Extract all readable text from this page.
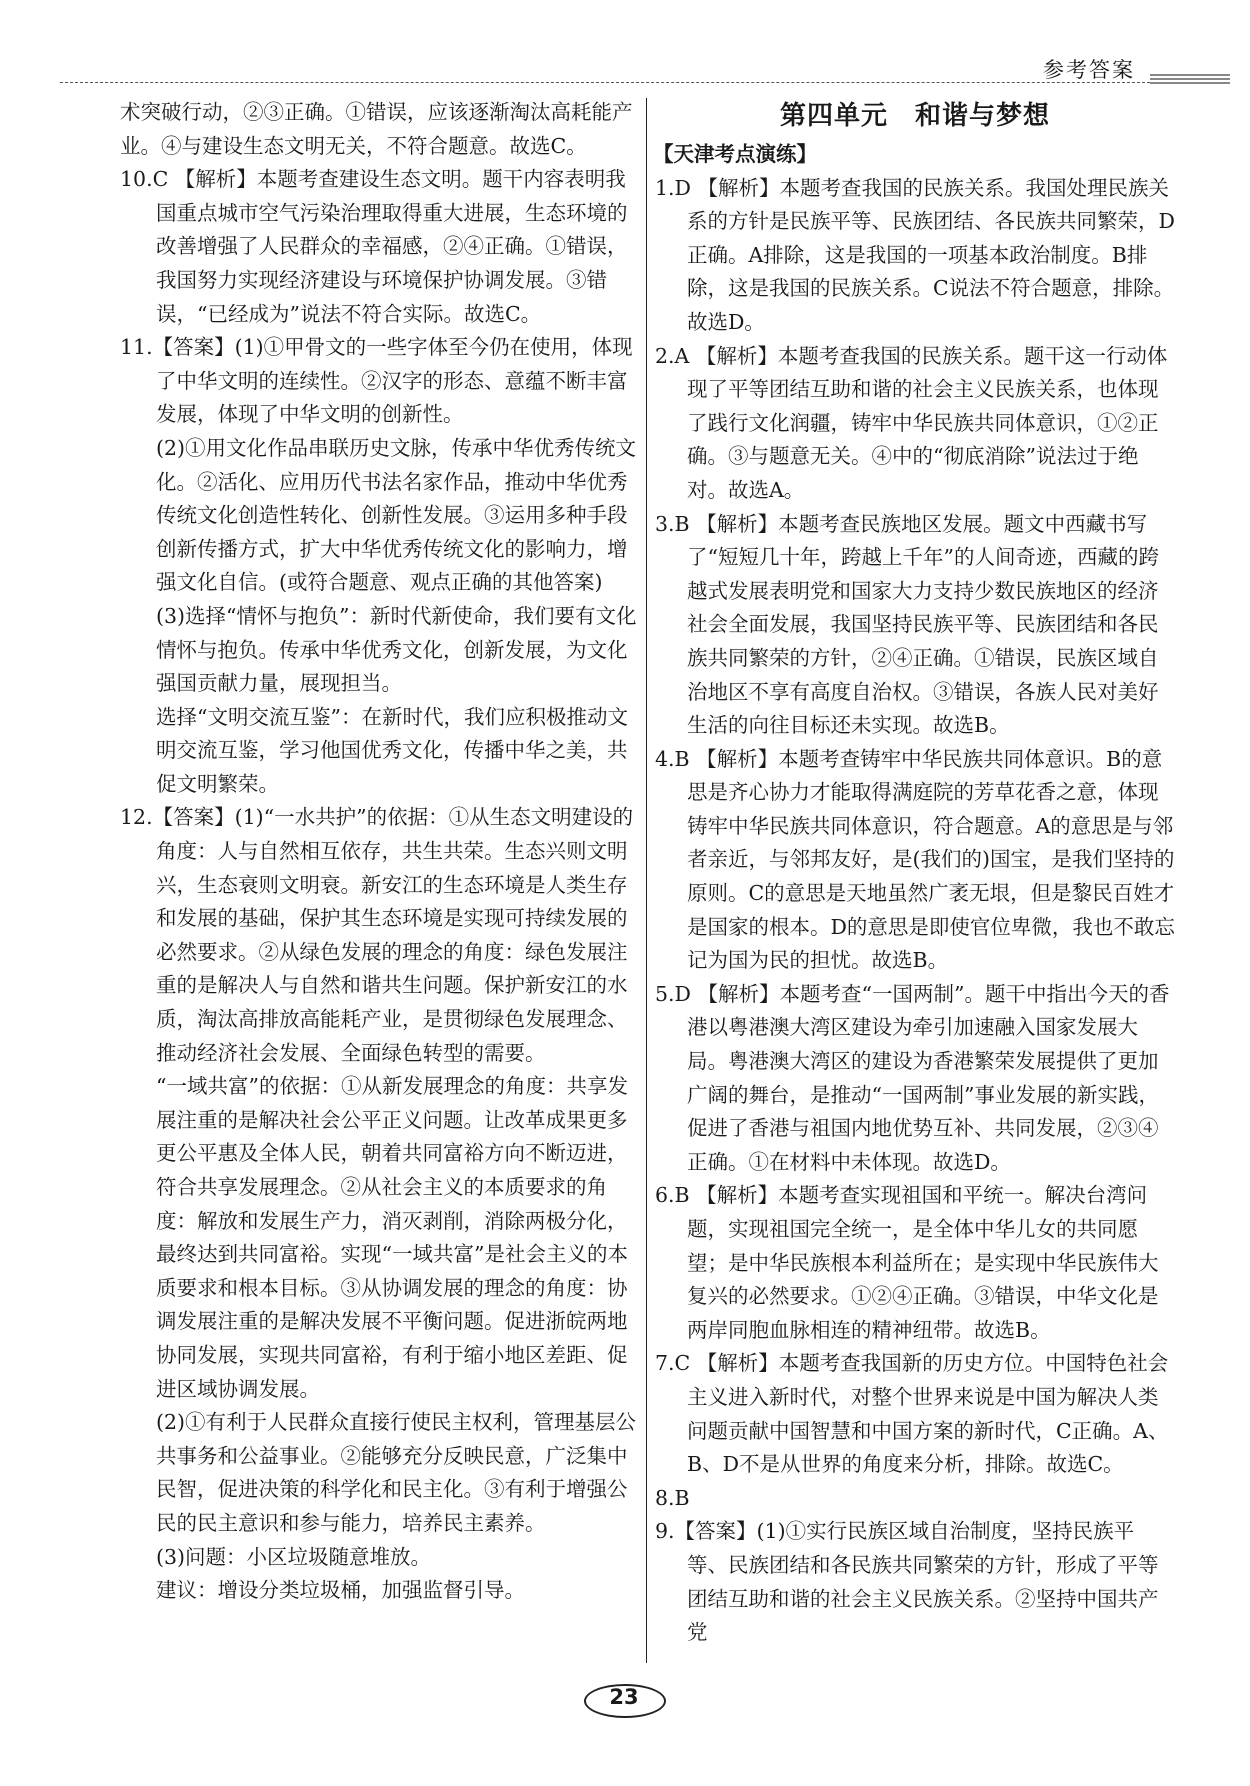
参考答案

术突破行动，②③正确。①错误，应该逐渐淘汰高耗能产业。④与建设生态文明无关，不符合题意。故选C。

10.C 【解析】本题考查建设生态文明。题干内容表明我国重点城市空气污染治理取得重大进展，生态环境的改善增强了人民群众的幸福感，②④正确。①错误，我国努力实现经济建设与环境保护协调发展。③错误，“已经成为”说法不符合实际。故选C。

11.【答案】(1)①甲骨文的一些字体至今仍在使用，体现了中华文明的连续性。②汉字的形态、意蕴不断丰富发展，体现了中华文明的创新性。

(2)①用文化作品串联历史文脉，传承中华优秀传统文化。②活化、应用历代书法名家作品，推动中华优秀传统文化创造性转化、创新性发展。③运用多种手段创新传播方式，扩大中华优秀传统文化的影响力，增强文化自信。(或符合题意、观点正确的其他答案)

(3)选择“情怀与抱负”：新时代新使命，我们要有文化情怀与抱负。传承中华优秀文化，创新发展，为文化强国贡献力量，展现担当。

选择“文明交流互鉴”：在新时代，我们应积极推动文明交流互鉴，学习他国优秀文化，传播中华之美，共促文明繁荣。

12.【答案】(1)“一水共护”的依据：①从生态文明建设的角度：人与自然相互依存，共生共荣。生态兴则文明兴，生态衰则文明衰。新安江的生态环境是人类生存和发展的基础，保护其生态环境是实现可持续发展的必然要求。②从绿色发展的理念的角度：绿色发展注重的是解决人与自然和谐共生问题。保护新安江的水质，淘汰高排放高能耗产业，是贯彻绿色发展理念、推动经济社会发展、全面绿色转型的需要。

“一域共富”的依据：①从新发展理念的角度：共享发展注重的是解决社会公平正义问题。让改革成果更多更公平惠及全体人民，朝着共同富裕方向不断迈进，符合共享发展理念。②从社会主义的本质要求的角度：解放和发展生产力，消灭剥削，消除两极分化，最终达到共同富裕。实现“一域共富”是社会主义的本质要求和根本目标。③从协调发展的理念的角度：协调发展注重的是解决发展不平衡问题。促进浙皖两地协同发展，实现共同富裕，有利于缩小地区差距、促进区域协调发展。

(2)①有利于人民群众直接行使民主权利，管理基层公共事务和公益事业。②能够充分反映民意，广泛集中民智，促进决策的科学化和民主化。③有利于增强公民的民主意识和参与能力，培养民主素养。

(3)问题：小区垃圾随意堆放。

建议：增设分类垃圾桶，加强监督引导。

第四单元　和谐与梦想
【天津考点演练】

1.D 【解析】本题考查我国的民族关系。我国处理民族关系的方针是民族平等、民族团结、各民族共同繁荣，D正确。A排除，这是我国的一项基本政治制度。B排除，这是我国的民族关系。C说法不符合题意，排除。故选D。

2.A 【解析】本题考查我国的民族关系。题干这一行动体现了平等团结互助和谐的社会主义民族关系，也体现了践行文化润疆，铸牢中华民族共同体意识，①②正确。③与题意无关。④中的“彻底消除”说法过于绝对。故选A。

3.B 【解析】本题考查民族地区发展。题文中西藏书写了“短短几十年，跨越上千年”的人间奇迹，西藏的跨越式发展表明党和国家大力支持少数民族地区的经济社会全面发展，我国坚持民族平等、民族团结和各民族共同繁荣的方针，②④正确。①错误，民族区域自治地区不享有高度自治权。③错误，各族人民对美好生活的向往目标还未实现。故选B。

4.B 【解析】本题考查铸牢中华民族共同体意识。B的意思是齐心协力才能取得满庭院的芳草花香之意，体现铸牢中华民族共同体意识，符合题意。A的意思是与邻者亲近，与邻邦友好，是(我们的)国宝，是我们坚持的原则。C的意思是天地虽然广袤无垠，但是黎民百姓才是国家的根本。D的意思是即使官位卑微，我也不敢忘记为国为民的担忧。故选B。

5.D 【解析】本题考查“一国两制”。题干中指出今天的香港以粤港澳大湾区建设为牵引加速融入国家发展大局。粤港澳大湾区的建设为香港繁荣发展提供了更加广阔的舞台，是推动“一国两制”事业发展的新实践，促进了香港与祖国内地优势互补、共同发展，②③④正确。①在材料中未体现。故选D。

6.B 【解析】本题考查实现祖国和平统一。解决台湾问题，实现祖国完全统一，是全体中华儿女的共同愿望；是中华民族根本利益所在；是实现中华民族伟大复兴的必然要求。①②④正确。③错误，中华文化是两岸同胞血脉相连的精神纽带。故选B。

7.C 【解析】本题考查我国新的历史方位。中国特色社会主义进入新时代，对整个世界来说是中国为解决人类问题贡献中国智慧和中国方案的新时代，C正确。A、B、D不是从世界的角度来分析，排除。故选C。

8.B

9.【答案】(1)①实行民族区域自治制度，坚持民族平等、民族团结和各民族共同繁荣的方针，形成了平等团结互助和谐的社会主义民族关系。②坚持中国共产党

23
